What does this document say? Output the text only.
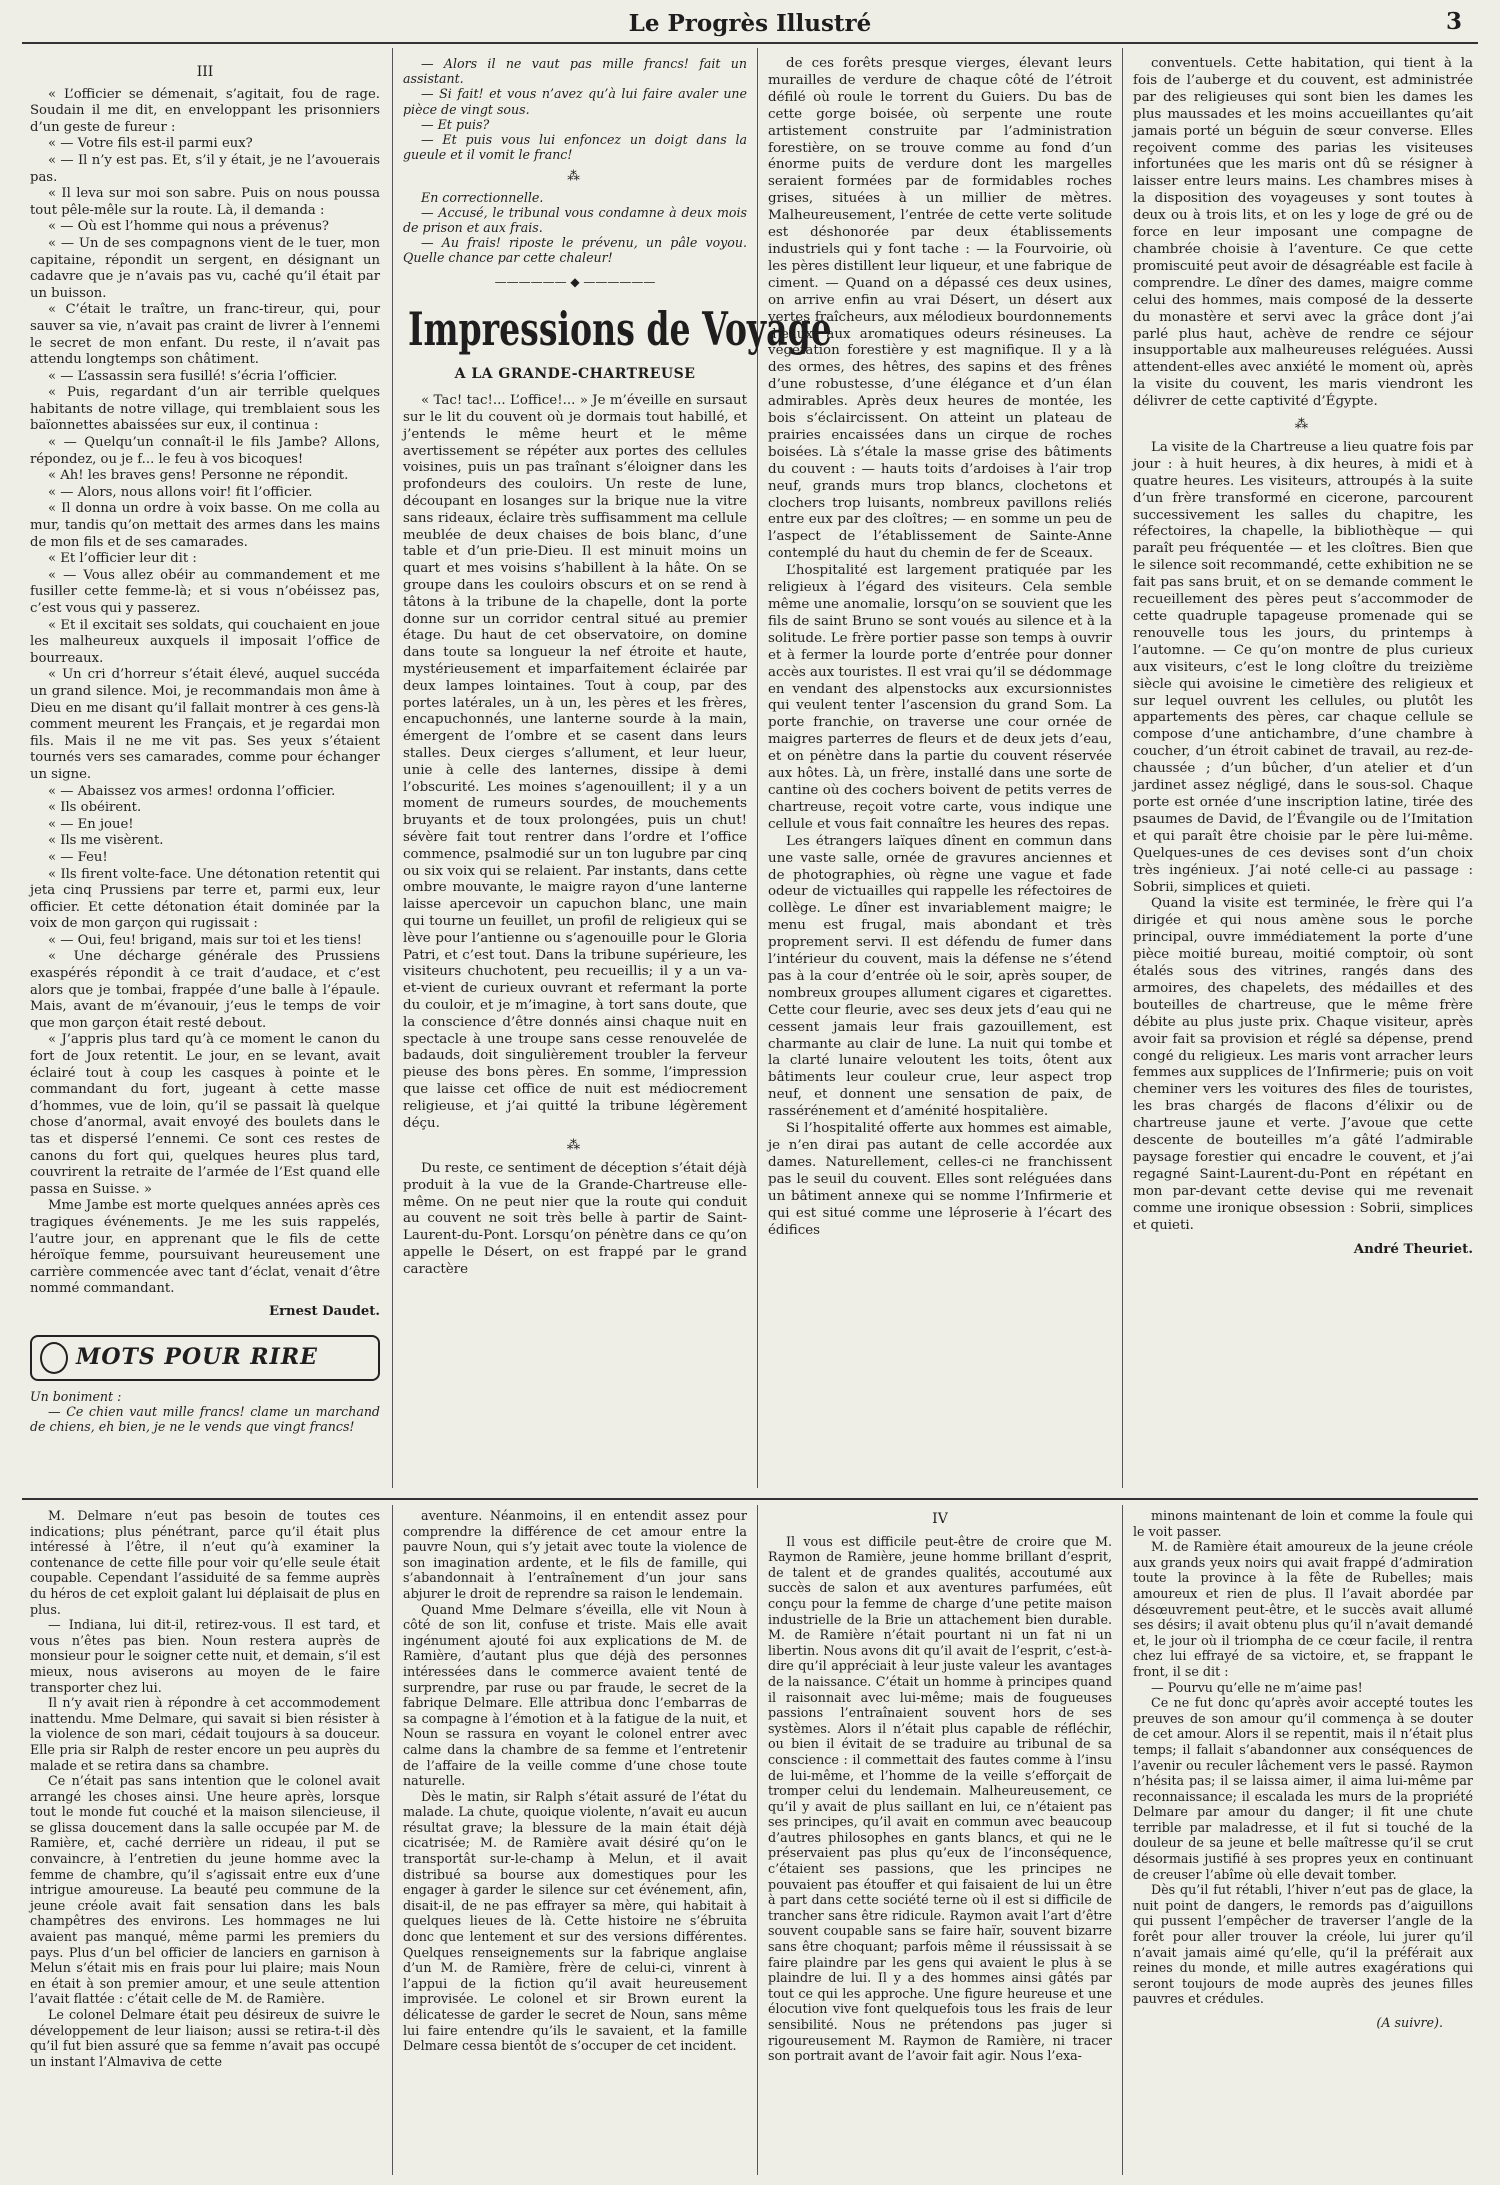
Le Progrès Illustré	3
III

« L’officier se démenait, s’agitait, fou de rage. Soudain il me dit, en enveloppant les prisonniers d’un geste de fureur :

« — Votre fils est-il parmi eux?

« — Il n’y est pas. Et, s’il y était, je ne l’avouerais pas.

« Il leva sur moi son sabre. Puis on nous poussa tout pêle-mêle sur la route. Là, il demanda :

« — Où est l’homme qui nous a prévenus?

« — Un de ses compagnons vient de le tuer, mon capitaine, répondit un sergent, en désignant un cadavre que je n’avais pas vu, caché qu’il était par un buisson.

« C’était le traître, un franc-tireur, qui, pour sauver sa vie, n’avait pas craint de livrer à l’ennemi le secret de mon enfant. Du reste, il n’avait pas attendu longtemps son châtiment.

« — L’assassin sera fusillé! s’écria l’officier.

« Puis, regardant d’un air terrible quelques habitants de notre village, qui tremblaient sous les baïonnettes abaissées sur eux, il continua :

« — Quelqu’un connaît-il le fils Jambe? Allons, répondez, ou je f... le feu à vos bicoques!

« Ah! les braves gens! Personne ne répondit.

« — Alors, nous allons voir! fit l’officier.

« Il donna un ordre à voix basse. On me colla au mur, tandis qu’on mettait des armes dans les mains de mon fils et de ses camarades.

« Et l’officier leur dit :

« — Vous allez obéir au commandement et me fusiller cette femme-là; et si vous n’obéissez pas, c’est vous qui y passerez.

« Et il excitait ses soldats, qui couchaient en joue les malheureux auxquels il imposait l’office de bourreaux.

« Un cri d’horreur s’était élevé, auquel succéda un grand silence. Moi, je recommandais mon âme à Dieu en me disant qu’il fallait montrer à ces gens-là comment meurent les Français, et je regardai mon fils. Mais il ne me vit pas. Ses yeux s’étaient tournés vers ses camarades, comme pour échanger un signe.

« — Abaissez vos armes! ordonna l’officier.

« Ils obéirent.

« — En joue!

« Ils me visèrent.

« — Feu!

« Ils firent volte-face. Une détonation retentit qui jeta cinq Prussiens par terre et, parmi eux, leur officier. Et cette détonation était dominée par la voix de mon garçon qui rugissait :

« — Oui, feu! brigand, mais sur toi et les tiens!

« Une décharge générale des Prussiens exaspérés répondit à ce trait d’audace, et c’est alors que je tombai, frappée d’une balle à l’épaule. Mais, avant de m’évanouir, j’eus le temps de voir que mon garçon était resté debout.

« J’appris plus tard qu’à ce moment le canon du fort de Joux retentit. Le jour, en se levant, avait éclairé tout à coup les casques à pointe et le commandant du fort, jugeant à cette masse d’hommes, vue de loin, qu’il se passait là quelque chose d’anormal, avait envoyé des boulets dans le tas et dispersé l’ennemi. Ce sont ces restes de canons du fort qui, quelques heures plus tard, couvrirent la retraite de l’armée de l’Est quand elle passa en Suisse. »

Mme Jambe est morte quelques années après ces tragiques événements. Je me les suis rappelés, l’autre jour, en apprenant que le fils de cette héroïque femme, poursuivant heureusement une carrière commencée avec tant d’éclat, venait d’être nommé commandant.

Ernest Daudet.
MOTS POUR RIRE
Un boniment :
— Ce chien vaut mille francs! clame un marchand de chiens, eh bien, je ne le vends que vingt francs!

— Alors il ne vaut pas mille francs! fait un assistant.

— Si fait! et vous n’avez qu’à lui faire avaler une pièce de vingt sous.

— Et puis?

— Et puis vous lui enfoncez un doigt dans la gueule et il vomit le franc!

⁂

En correctionnelle.

— Accusé, le tribunal vous condamne à deux mois de prison et aux frais.

— Au frais! riposte le prévenu, un pâle voyou. Quelle chance par cette chaleur!

—————— ◆ ——————
Impressions de Voyage
A LA GRANDE-CHARTREUSE

« Tac! tac!... L’office!... » Je m’éveille en sursaut sur le lit du couvent où je dormais tout habillé, et j’entends le même heurt et le même avertissement se répéter aux portes des cellules voisines, puis un pas traînant s’éloigner dans les profondeurs des couloirs. Un reste de lune, découpant en losanges sur la brique nue la vitre sans rideaux, éclaire très suffisamment ma cellule meublée de deux chaises de bois blanc, d’une table et d’un prie-Dieu. Il est minuit moins un quart et mes voisins s’habillent à la hâte. On se groupe dans les couloirs obscurs et on se rend à tâtons à la tribune de la chapelle, dont la porte donne sur un corridor central situé au premier étage. Du haut de cet observatoire, on domine dans toute sa longueur la nef étroite et haute, mystérieusement et imparfaitement éclairée par deux lampes lointaines. Tout à coup, par des portes latérales, un à un, les pères et les frères, encapuchonnés, une lanterne sourde à la main, émergent de l’ombre et se casent dans leurs stalles. Deux cierges s’allument, et leur lueur, unie à celle des lanternes, dissipe à demi l’obscurité. Les moines s’agenouillent; il y a un moment de rumeurs sourdes, de mouchements bruyants et de toux prolongées, puis un chut! sévère fait tout rentrer dans l’ordre et l’office commence, psalmodié sur un ton lugubre par cinq ou six voix qui se relaient. Par instants, dans cette ombre mouvante, le maigre rayon d’une lanterne laisse apercevoir un capuchon blanc, une main qui tourne un feuillet, un profil de religieux qui se lève pour l’antienne ou s’agenouille pour le Gloria Patri, et c’est tout. Dans la tribune supérieure, les visiteurs chuchotent, peu recueillis; il y a un va-et-vient de curieux ouvrant et refermant la porte du couloir, et je m’imagine, à tort sans doute, que la conscience d’être donnés ainsi chaque nuit en spectacle à une troupe sans cesse renouvelée de badauds, doit singulièrement troubler la ferveur pieuse des bons pères. En somme, l’impression que laisse cet office de nuit est médiocrement religieuse, et j’ai quitté la tribune légèrement déçu.

⁂

Du reste, ce sentiment de déception s’était déjà produit à la vue de la Grande-Chartreuse elle-même. On ne peut nier que la route qui conduit au couvent ne soit très belle à partir de Saint-Laurent-du-Pont. Lorsqu’on pénètre dans ce qu’on appelle le Désert, on est frappé par le grand caractère

de ces forêts presque vierges, élevant leurs murailles de verdure de chaque côté de l’étroit défilé où roule le torrent du Guiers. Du bas de cette gorge boisée, où serpente une route artistement construite par l’administration forestière, on se trouve comme au fond d’un énorme puits de verdure dont les margelles seraient formées par de formidables roches grises, situées à un millier de mètres. Malheureusement, l’entrée de cette verte solitude est déshonorée par deux établissements industriels qui y font tache : — la Fourvoirie, où les pères distillent leur liqueur, et une fabrique de ciment. — Quand on a dépassé ces deux usines, on arrive enfin au vrai Désert, un désert aux vertes fraîcheurs, aux mélodieux bourdonnements d’eaux, aux aromatiques odeurs résineuses. La végétation forestière y est magnifique. Il y a là des ormes, des hêtres, des sapins et des frênes d’une robustesse, d’une élégance et d’un élan admirables. Après deux heures de montée, les bois s’éclaircissent. On atteint un plateau de prairies encaissées dans un cirque de roches boisées. Là s’étale la masse grise des bâtiments du couvent : — hauts toits d’ardoises à l’air trop neuf, grands murs trop blancs, clochetons et clochers trop luisants, nombreux pavillons reliés entre eux par des cloîtres; — en somme un peu de l’aspect de l’établissement de Sainte-Anne contemplé du haut du chemin de fer de Sceaux.

L’hospitalité est largement pratiquée par les religieux à l’égard des visiteurs. Cela semble même une anomalie, lorsqu’on se souvient que les fils de saint Bruno se sont voués au silence et à la solitude. Le frère portier passe son temps à ouvrir et à fermer la lourde porte d’entrée pour donner accès aux touristes. Il est vrai qu’il se dédommage en vendant des alpenstocks aux excursionnistes qui veulent tenter l’ascension du grand Som. La porte franchie, on traverse une cour ornée de maigres parterres de fleurs et de deux jets d’eau, et on pénètre dans la partie du couvent réservée aux hôtes. Là, un frère, installé dans une sorte de cantine où des cochers boivent de petits verres de chartreuse, reçoit votre carte, vous indique une cellule et vous fait connaître les heures des repas.

Les étrangers laïques dînent en commun dans une vaste salle, ornée de gravures anciennes et de photographies, où règne une vague et fade odeur de victuailles qui rappelle les réfectoires de collège. Le dîner est invariablement maigre; le menu est frugal, mais abondant et très proprement servi. Il est défendu de fumer dans l’intérieur du couvent, mais la défense ne s’étend pas à la cour d’entrée où le soir, après souper, de nombreux groupes allument cigares et cigarettes. Cette cour fleurie, avec ses deux jets d’eau qui ne cessent jamais leur frais gazouillement, est charmante au clair de lune. La nuit qui tombe et la clarté lunaire veloutent les toits, ôtent aux bâtiments leur couleur crue, leur aspect trop neuf, et donnent une sensation de paix, de rassérénement et d’aménité hospitalière.

Si l’hospitalité offerte aux hommes est aimable, je n’en dirai pas autant de celle accordée aux dames. Naturellement, celles-ci ne franchissent pas le seuil du couvent. Elles sont reléguées dans un bâtiment annexe qui se nomme l’Infirmerie et qui est situé comme une léproserie à l’écart des édifices

conventuels. Cette habitation, qui tient à la fois de l’auberge et du couvent, est administrée par des religieuses qui sont bien les dames les plus maussades et les moins accueillantes qu’ait jamais porté un béguin de sœur converse. Elles reçoivent comme des parias les visiteuses infortunées que les maris ont dû se résigner à laisser entre leurs mains. Les chambres mises à la disposition des voyageuses y sont toutes à deux ou à trois lits, et on les y loge de gré ou de force en leur imposant une compagne de chambrée choisie à l’aventure. Ce que cette promiscuité peut avoir de désagréable est facile à comprendre. Le dîner des dames, maigre comme celui des hommes, mais composé de la desserte du monastère et servi avec la grâce dont j’ai parlé plus haut, achève de rendre ce séjour insupportable aux malheureuses reléguées. Aussi attendent-elles avec anxiété le moment où, après la visite du couvent, les maris viendront les délivrer de cette captivité d’Égypte.

⁂

La visite de la Chartreuse a lieu quatre fois par jour : à huit heures, à dix heures, à midi et à quatre heures. Les visiteurs, attroupés à la suite d’un frère transformé en cicerone, parcourent successivement les salles du chapitre, les réfectoires, la chapelle, la bibliothèque — qui paraît peu fréquentée — et les cloîtres. Bien que le silence soit recommandé, cette exhibition ne se fait pas sans bruit, et on se demande comment le recueillement des pères peut s’accommoder de cette quadruple tapageuse promenade qui se renouvelle tous les jours, du printemps à l’automne. — Ce qu’on montre de plus curieux aux visiteurs, c’est le long cloître du treizième siècle qui avoisine le cimetière des religieux et sur lequel ouvrent les cellules, ou plutôt les appartements des pères, car chaque cellule se compose d’une antichambre, d’une chambre à coucher, d’un étroit cabinet de travail, au rez-de-chaussée ; d’un bûcher, d’un atelier et d’un jardinet assez négligé, dans le sous-sol. Chaque porte est ornée d’une inscription latine, tirée des psaumes de David, de l’Évangile ou de l’Imitation et qui paraît être choisie par le père lui-même. Quelques-unes de ces devises sont d’un choix très ingénieux. J’ai noté celle-ci au passage : Sobrii, simplices et quieti.

Quand la visite est terminée, le frère qui l’a dirigée et qui nous amène sous le porche principal, ouvre immédiatement la porte d’une pièce moitié bureau, moitié comptoir, où sont étalés sous des vitrines, rangés dans des armoires, des chapelets, des médailles et des bouteilles de chartreuse, que le même frère débite au plus juste prix. Chaque visiteur, après avoir fait sa provision et réglé sa dépense, prend congé du religieux. Les maris vont arracher leurs femmes aux supplices de l’Infirmerie; puis on voit cheminer vers les voitures des files de touristes, les bras chargés de flacons d’élixir ou de chartreuse jaune et verte. J’avoue que cette descente de bouteilles m’a gâté l’admirable paysage forestier qui encadre le couvent, et j’ai regagné Saint-Laurent-du-Pont en répétant en mon par-devant cette devise qui me revenait comme une ironique obsession : Sobrii, simplices et quieti.

André Theuriet.

M. Delmare n’eut pas besoin de toutes ces indications; plus pénétrant, parce qu’il était plus intéressé à l’être, il n’eut qu’à examiner la contenance de cette fille pour voir qu’elle seule était coupable. Cependant l’assiduité de sa femme auprès du héros de cet exploit galant lui déplaisait de plus en plus.

— Indiana, lui dit-il, retirez-vous. Il est tard, et vous n’êtes pas bien. Noun restera auprès de monsieur pour le soigner cette nuit, et demain, s’il est mieux, nous aviserons au moyen de le faire transporter chez lui.

Il n’y avait rien à répondre à cet accommodement inattendu. Mme Delmare, qui savait si bien résister à la violence de son mari, cédait toujours à sa douceur. Elle pria sir Ralph de rester encore un peu auprès du malade et se retira dans sa chambre.

Ce n’était pas sans intention que le colonel avait arrangé les choses ainsi. Une heure après, lorsque tout le monde fut couché et la maison silencieuse, il se glissa doucement dans la salle occupée par M. de Ramière, et, caché derrière un rideau, il put se convaincre, à l’entretien du jeune homme avec la femme de chambre, qu’il s’agissait entre eux d’une intrigue amoureuse. La beauté peu commune de la jeune créole avait fait sensation dans les bals champêtres des environs. Les hommages ne lui avaient pas manqué, même parmi les premiers du pays. Plus d’un bel officier de lanciers en garnison à Melun s’était mis en frais pour lui plaire; mais Noun en était à son premier amour, et une seule attention l’avait flattée : c’était celle de M. de Ramière.

Le colonel Delmare était peu désireux de suivre le développement de leur liaison; aussi se retira-t-il dès qu’il fut bien assuré que sa femme n’avait pas occupé un instant l’Almaviva de cette

aventure. Néanmoins, il en entendit assez pour comprendre la différence de cet amour entre la pauvre Noun, qui s’y jetait avec toute la violence de son imagination ardente, et le fils de famille, qui s’abandonnait à l’entraînement d’un jour sans abjurer le droit de reprendre sa raison le lendemain.

Quand Mme Delmare s’éveilla, elle vit Noun à côté de son lit, confuse et triste. Mais elle avait ingénument ajouté foi aux explications de M. de Ramière, d’autant plus que déjà des personnes intéressées dans le commerce avaient tenté de surprendre, par ruse ou par fraude, le secret de la fabrique Delmare. Elle attribua donc l’embarras de sa compagne à l’émotion et à la fatigue de la nuit, et Noun se rassura en voyant le colonel entrer avec calme dans la chambre de sa femme et l’entretenir de l’affaire de la veille comme d’une chose toute naturelle.

Dès le matin, sir Ralph s’était assuré de l’état du malade. La chute, quoique violente, n’avait eu aucun résultat grave; la blessure de la main était déjà cicatrisée; M. de Ramière avait désiré qu’on le transportât sur-le-champ à Melun, et il avait distribué sa bourse aux domestiques pour les engager à garder le silence sur cet événement, afin, disait-il, de ne pas effrayer sa mère, qui habitait à quelques lieues de là. Cette histoire ne s’ébruita donc que lentement et sur des versions différentes. Quelques renseignements sur la fabrique anglaise d’un M. de Ramière, frère de celui-ci, vinrent à l’appui de la fiction qu’il avait heureusement improvisée. Le colonel et sir Brown eurent la délicatesse de garder le secret de Noun, sans même lui faire entendre qu’ils le savaient, et la famille Delmare cessa bientôt de s’occuper de cet incident.

IV

Il vous est difficile peut-être de croire que M. Raymon de Ramière, jeune homme brillant d’esprit, de talent et de grandes qualités, accoutumé aux succès de salon et aux aventures parfumées, eût conçu pour la femme de charge d’une petite maison industrielle de la Brie un attachement bien durable. M. de Ramière n’était pourtant ni un fat ni un libertin. Nous avons dit qu’il avait de l’esprit, c’est-à-dire qu’il appréciait à leur juste valeur les avantages de la naissance. C’était un homme à principes quand il raisonnait avec lui-même; mais de fougueuses passions l’entraînaient souvent hors de ses systèmes. Alors il n’était plus capable de réfléchir, ou bien il évitait de se traduire au tribunal de sa conscience : il commettait des fautes comme à l’insu de lui-même, et l’homme de la veille s’efforçait de tromper celui du lendemain. Malheureusement, ce qu’il y avait de plus saillant en lui, ce n’étaient pas ses principes, qu’il avait en commun avec beaucoup d’autres philosophes en gants blancs, et qui ne le préservaient pas plus qu’eux de l’inconséquence, c’étaient ses passions, que les principes ne pouvaient pas étouffer et qui faisaient de lui un être à part dans cette société terne où il est si difficile de trancher sans être ridicule. Raymon avait l’art d’être souvent coupable sans se faire haïr, souvent bizarre sans être choquant; parfois même il réussissait à se faire plaindre par les gens qui avaient le plus à se plaindre de lui. Il y a des hommes ainsi gâtés par tout ce qui les approche. Une figure heureuse et une élocution vive font quelquefois tous les frais de leur sensibilité. Nous ne prétendons pas juger si rigoureusement M. Raymon de Ramière, ni tracer son portrait avant de l’avoir fait agir. Nous l’exa-

minons maintenant de loin et comme la foule qui le voit passer.

M. de Ramière était amoureux de la jeune créole aux grands yeux noirs qui avait frappé d’admiration toute la province à la fête de Rubelles; mais amoureux et rien de plus. Il l’avait abordée par désœuvrement peut-être, et le succès avait allumé ses désirs; il avait obtenu plus qu’il n’avait demandé et, le jour où il triompha de ce cœur facile, il rentra chez lui effrayé de sa victoire, et, se frappant le front, il se dit :

— Pourvu qu’elle ne m’aime pas!

Ce ne fut donc qu’après avoir accepté toutes les preuves de son amour qu’il commença à se douter de cet amour. Alors il se repentit, mais il n’était plus temps; il fallait s’abandonner aux conséquences de l’avenir ou reculer lâchement vers le passé. Raymon n’hésita pas; il se laissa aimer, il aima lui-même par reconnaissance; il escalada les murs de la propriété Delmare par amour du danger; il fit une chute terrible par maladresse, et il fut si touché de la douleur de sa jeune et belle maîtresse qu’il se crut désormais justifié à ses propres yeux en continuant de creuser l’abîme où elle devait tomber.

Dès qu’il fut rétabli, l’hiver n’eut pas de glace, la nuit point de dangers, le remords pas d’aiguillons qui pussent l’empêcher de traverser l’angle de la forêt pour aller trouver la créole, lui jurer qu’il n’avait jamais aimé qu’elle, qu’il la préférait aux reines du monde, et mille autres exagérations qui seront toujours de mode auprès des jeunes filles pauvres et crédules.

(A suivre).
